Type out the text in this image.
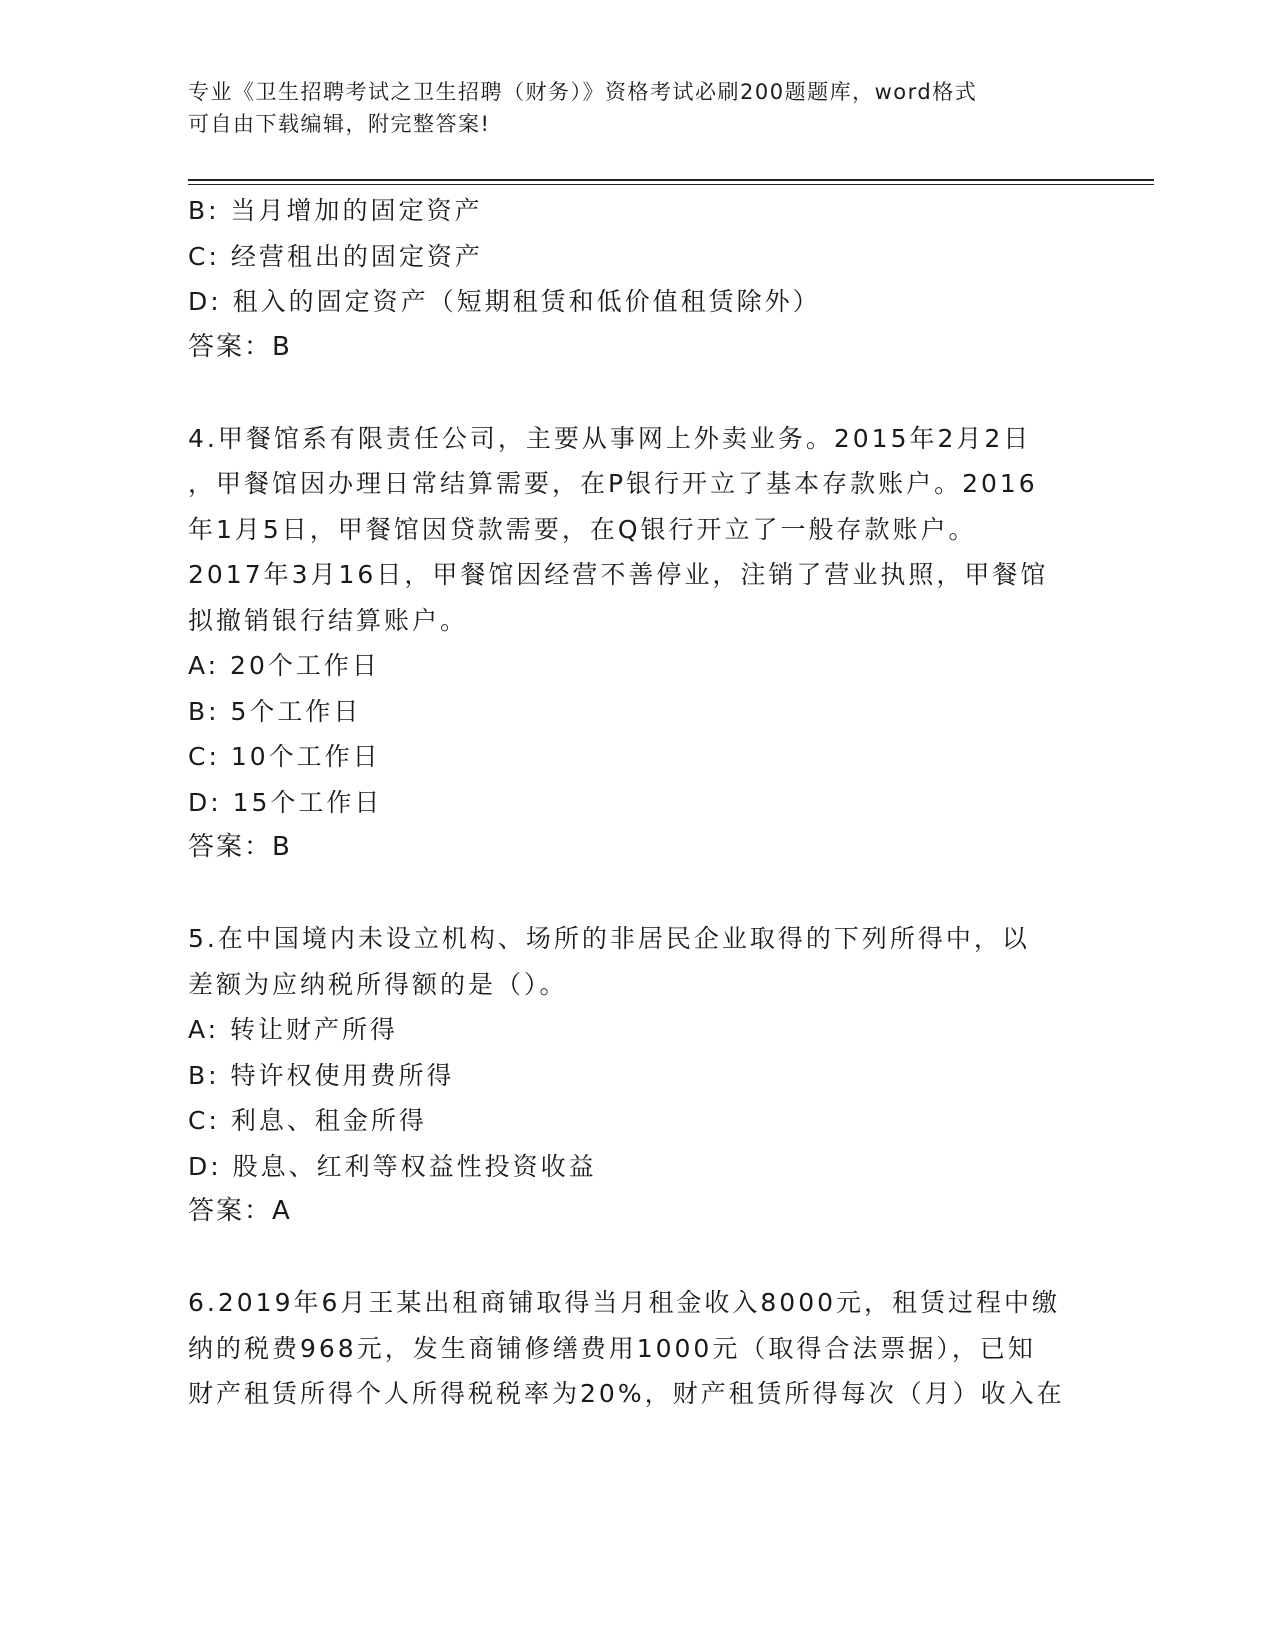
专业《卫生招聘考试之卫生招聘（财务）》资格考试必刷200题题库，word格式
可自由下载编辑，附完整答案!
B: 当月增加的固定资产
C: 经营租出的固定资产
D: 租入的固定资产（短期租赁和低价值租赁除外）
答案：B
4.甲餐馆系有限责任公司，主要从事网上外卖业务。2015年2月2日
，甲餐馆因办理日常结算需要，在P银行开立了基本存款账户。2016
年1月5日，甲餐馆因贷款需要，在Q银行开立了一般存款账户。
2017年3月16日，甲餐馆因经营不善停业，注销了营业执照，甲餐馆
拟撤销银行结算账户。
A: 20个工作日
B: 5个工作日
C: 10个工作日
D: 15个工作日
答案：B
5.在中国境内未设立机构、场所的非居民企业取得的下列所得中，以
差额为应纳税所得额的是（）。
A: 转让财产所得
B: 特许权使用费所得
C: 利息、租金所得
D: 股息、红利等权益性投资收益
答案：A
6.2019年6月王某出租商铺取得当月租金收入8000元，租赁过程中缴
纳的税费968元，发生商铺修缮费用1000元（取得合法票据），已知
财产租赁所得个人所得税税率为20%，财产租赁所得每次（月）收入在
